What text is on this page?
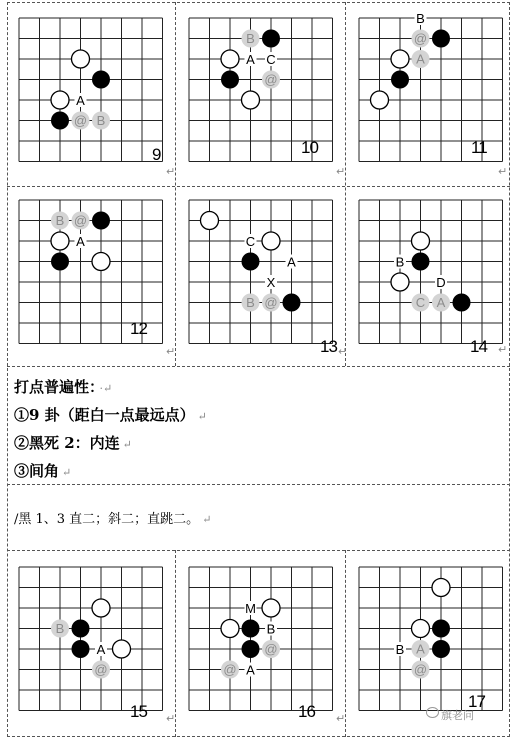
@ B
A
9
↵
B
@
A C
10
↵
@
A
B
11
↵
B @
A
12
↵
B @
C
A
X
13 ↵
C A
B
D
14 ↵
B
@
A
15 ↵
@
@
M
B
A
16 ↵
A
@
B
17
打点普遍性： ·↵
①9 卦（距白一点最远点） ↵
②黑死 2：内连 ↵
③间角 ↵
/黑 1、3 直二；斜二；直跳二。 ↵
旗老问
